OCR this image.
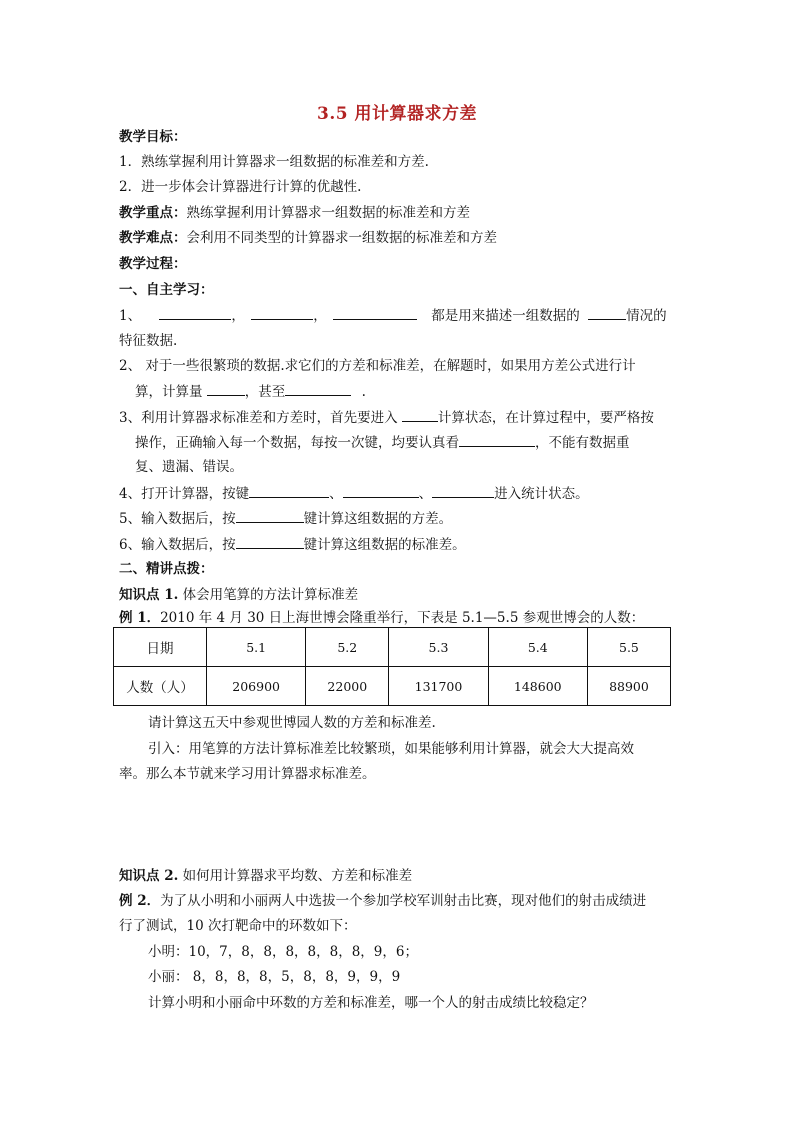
3.5 用计算器求方差
教学目标：
1．熟练掌握利用计算器求一组数据的标准差和方差.
2．进一步体会计算器进行计算的优越性.
教学重点：熟练掌握利用计算器求一组数据的标准差和方差
教学难点：会利用不同类型的计算器求一组数据的标准差和方差
教学过程：
一、自主学习：
1、	，	，	都是用来描述一组数据的	情况的
特征数据.
2、 对于一些很繁琐的数据.求它们的方差和标准差，在解题时，如果用方差公式进行计
算，计算量	，甚至	.
3、利用计算器求标准差和方差时，首先要进入	计算状态，在计算过程中，要严格按
操作，正确输入每一个数据，每按一次键，均要认真看	，不能有数据重
复、遗漏、错误。
4、打开计算器，按键	、	、	进入统计状态。
5、输入数据后，按	键计算这组数据的方差。
6、输入数据后，按	键计算这组数据的标准差。
二、精讲点拨：
知识点 1. 体会用笔算的方法计算标准差
例 1．2010 年 4 月 30 日上海世博会隆重举行，下表是 5.1—5.5 参观世博会的人数：
日期	5.1	5.2	5.3	5.4	5.5
人数（人）	206900	22000	131700	148600	88900
请计算这五天中参观世博园人数的方差和标准差.
引入：用笔算的方法计算标准差比较繁琐，如果能够利用计算器，就会大大提高效
率。那么本节就来学习用计算器求标准差。
知识点 2. 如何用计算器求平均数、方差和标准差
例 2．为了从小明和小丽两人中选拔一个参加学校军训射击比赛，现对他们的射击成绩进
行了测试，10 次打靶命中的环数如下：
小明：10，7，8，8，8，8，8，8，9，6；
小丽： 8，8，8，8，5，8，8，9，9，9
计算小明和小丽命中环数的方差和标准差，哪一个人的射击成绩比较稳定？
